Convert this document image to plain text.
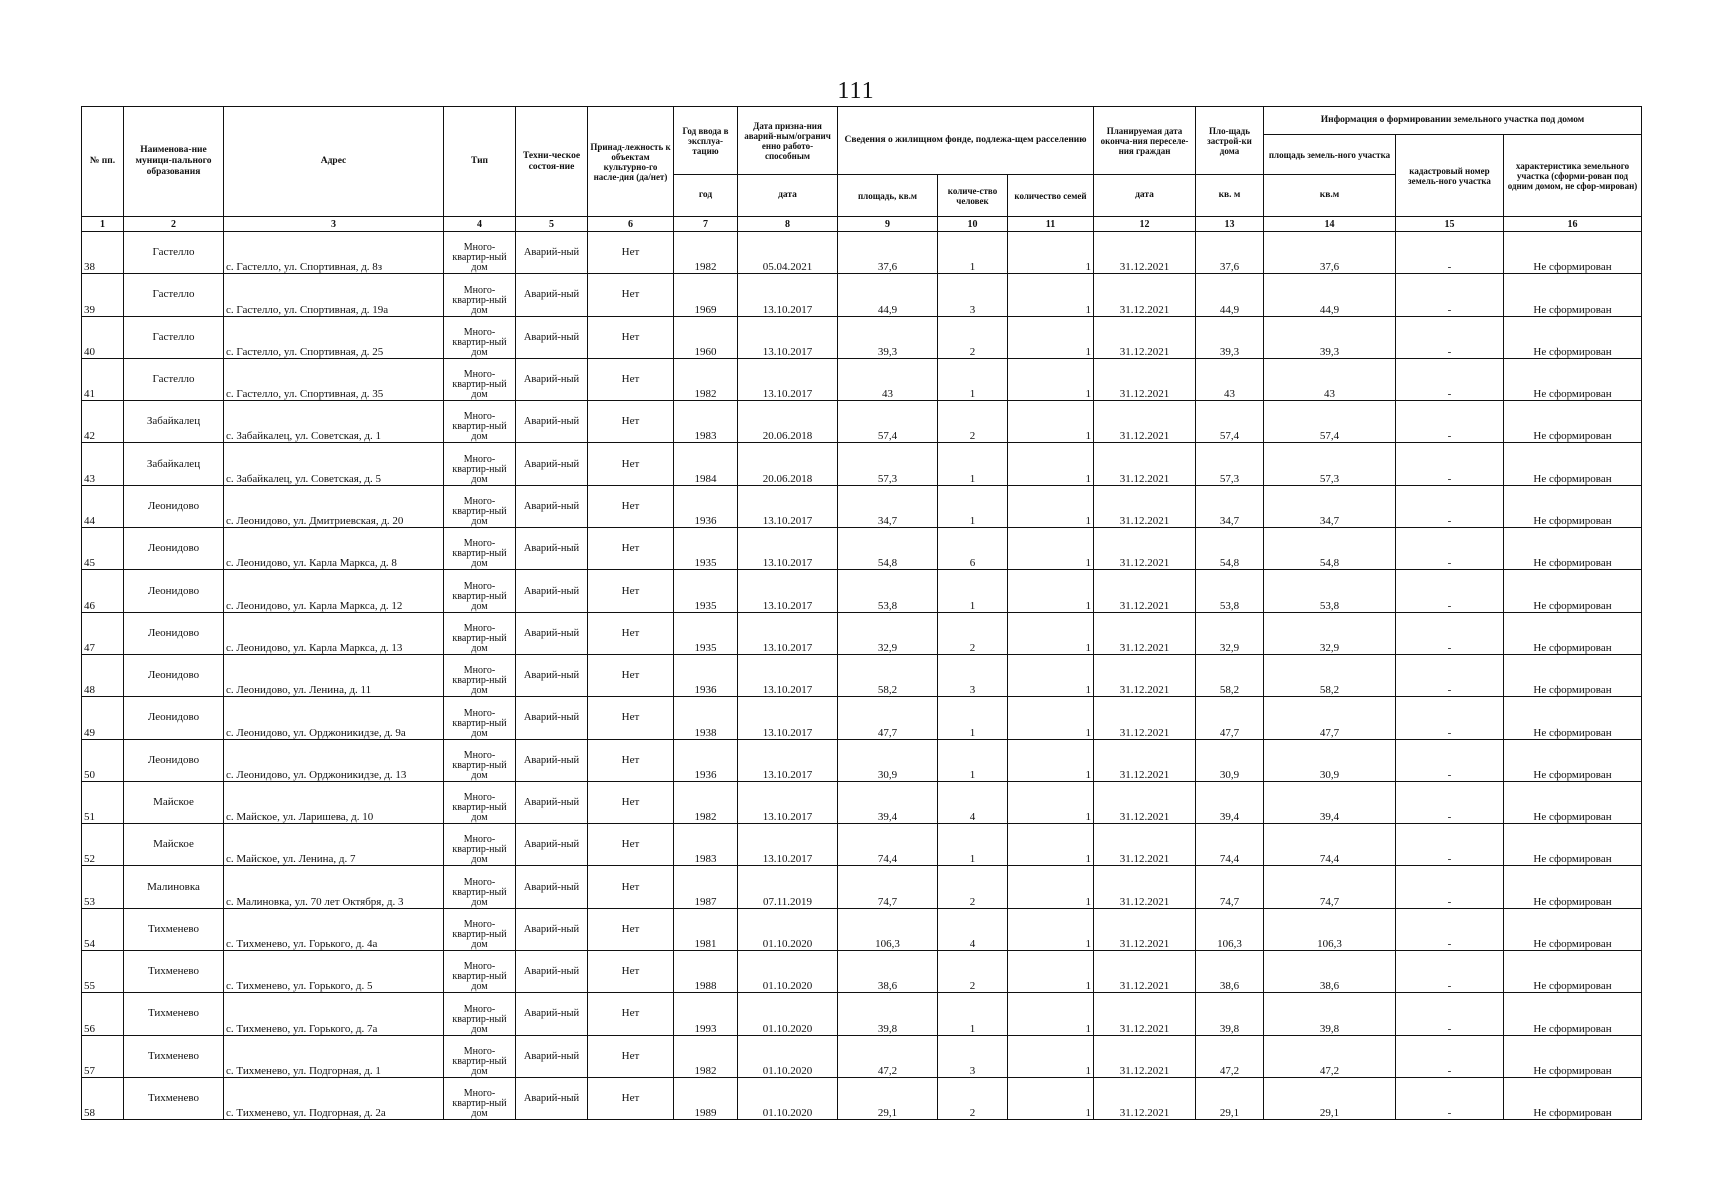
111
№ пп.	Наименова-ние муници-пального образования	Адрес	Тип	Техни-ческое состоя-ние	Принад-лежность к объектам культурно-го насле-дия (да/нет)	Год ввода в эксплуа-тацию	Дата призна-ния аварий-ным/огранич енно работо-способным	Сведения о жилищном фонде, подлежа-щем расселению			Планируемая дата оконча-ния переселе-ния граждан	Пло-щадь застрой-ки дома	Информация о формировании земельного участка под домом		
													площадь земель-ного участка	кадастровый номер земель-ного участка	характеристика земельного участка (сформи-рован под одним домом, не сфор-мирован)
						год	дата	площадь, кв.м	количе-ство человек	количество семей	дата	кв. м	кв.м		
1	2	3	4	5	6	7	8	9	10	11	12	13	14	15	16
38	Гастелло	с. Гастелло, ул. Спортивная, д. 8з	Много-квартир-ный дом	Аварий-ный	Нет	1982	05.04.2021	37,6	1	1	31.12.2021	37,6	37,6	-	Не сформирован
39	Гастелло	с. Гастелло, ул. Спортивная, д. 19а	Много-квартир-ный дом	Аварий-ный	Нет	1969	13.10.2017	44,9	3	1	31.12.2021	44,9	44,9	-	Не сформирован
40	Гастелло	с. Гастелло, ул. Спортивная, д. 25	Много-квартир-ный дом	Аварий-ный	Нет	1960	13.10.2017	39,3	2	1	31.12.2021	39,3	39,3	-	Не сформирован
41	Гастелло	с. Гастелло, ул. Спортивная, д. 35	Много-квартир-ный дом	Аварий-ный	Нет	1982	13.10.2017	43	1	1	31.12.2021	43	43	-	Не сформирован
42	Забайкалец	с. Забайкалец, ул. Советская, д. 1	Много-квартир-ный дом	Аварий-ный	Нет	1983	20.06.2018	57,4	2	1	31.12.2021	57,4	57,4	-	Не сформирован
43	Забайкалец	с. Забайкалец, ул. Советская, д. 5	Много-квартир-ный дом	Аварий-ный	Нет	1984	20.06.2018	57,3	1	1	31.12.2021	57,3	57,3	-	Не сформирован
44	Леонидово	с. Леонидово, ул. Дмитриевская, д. 20	Много-квартир-ный дом	Аварий-ный	Нет	1936	13.10.2017	34,7	1	1	31.12.2021	34,7	34,7	-	Не сформирован
45	Леонидово	с. Леонидово, ул. Карла Маркса, д. 8	Много-квартир-ный дом	Аварий-ный	Нет	1935	13.10.2017	54,8	6	1	31.12.2021	54,8	54,8	-	Не сформирован
46	Леонидово	с. Леонидово, ул. Карла Маркса, д. 12	Много-квартир-ный дом	Аварий-ный	Нет	1935	13.10.2017	53,8	1	1	31.12.2021	53,8	53,8	-	Не сформирован
47	Леонидово	с. Леонидово, ул. Карла Маркса, д. 13	Много-квартир-ный дом	Аварий-ный	Нет	1935	13.10.2017	32,9	2	1	31.12.2021	32,9	32,9	-	Не сформирован
48	Леонидово	с. Леонидово, ул. Ленина, д. 11	Много-квартир-ный дом	Аварий-ный	Нет	1936	13.10.2017	58,2	3	1	31.12.2021	58,2	58,2	-	Не сформирован
49	Леонидово	с. Леонидово, ул. Орджоникидзе, д. 9а	Много-квартир-ный дом	Аварий-ный	Нет	1938	13.10.2017	47,7	1	1	31.12.2021	47,7	47,7	-	Не сформирован
50	Леонидово	с. Леонидово, ул. Орджоникидзе, д. 13	Много-квартир-ный дом	Аварий-ный	Нет	1936	13.10.2017	30,9	1	1	31.12.2021	30,9	30,9	-	Не сформирован
51	Майское	с. Майское, ул. Ларишева, д. 10	Много-квартир-ный дом	Аварий-ный	Нет	1982	13.10.2017	39,4	4	1	31.12.2021	39,4	39,4	-	Не сформирован
52	Майское	с. Майское, ул. Ленина, д. 7	Много-квартир-ный дом	Аварий-ный	Нет	1983	13.10.2017	74,4	1	1	31.12.2021	74,4	74,4	-	Не сформирован
53	Малиновка	с. Малиновка, ул. 70 лет Октября, д. 3	Много-квартир-ный дом	Аварий-ный	Нет	1987	07.11.2019	74,7	2	1	31.12.2021	74,7	74,7	-	Не сформирован
54	Тихменево	с. Тихменево, ул. Горького, д. 4а	Много-квартир-ный дом	Аварий-ный	Нет	1981	01.10.2020	106,3	4	1	31.12.2021	106,3	106,3	-	Не сформирован
55	Тихменево	с. Тихменево, ул. Горького, д. 5	Много-квартир-ный дом	Аварий-ный	Нет	1988	01.10.2020	38,6	2	1	31.12.2021	38,6	38,6	-	Не сформирован
56	Тихменево	с. Тихменево, ул. Горького, д. 7а	Много-квартир-ный дом	Аварий-ный	Нет	1993	01.10.2020	39,8	1	1	31.12.2021	39,8	39,8	-	Не сформирован
57	Тихменево	с. Тихменево, ул. Подгорная, д. 1	Много-квартир-ный дом	Аварий-ный	Нет	1982	01.10.2020	47,2	3	1	31.12.2021	47,2	47,2	-	Не сформирован
58	Тихменево	с. Тихменево, ул. Подгорная, д. 2а	Много-квартир-ный дом	Аварий-ный	Нет	1989	01.10.2020	29,1	2	1	31.12.2021	29,1	29,1	-	Не сформирован
